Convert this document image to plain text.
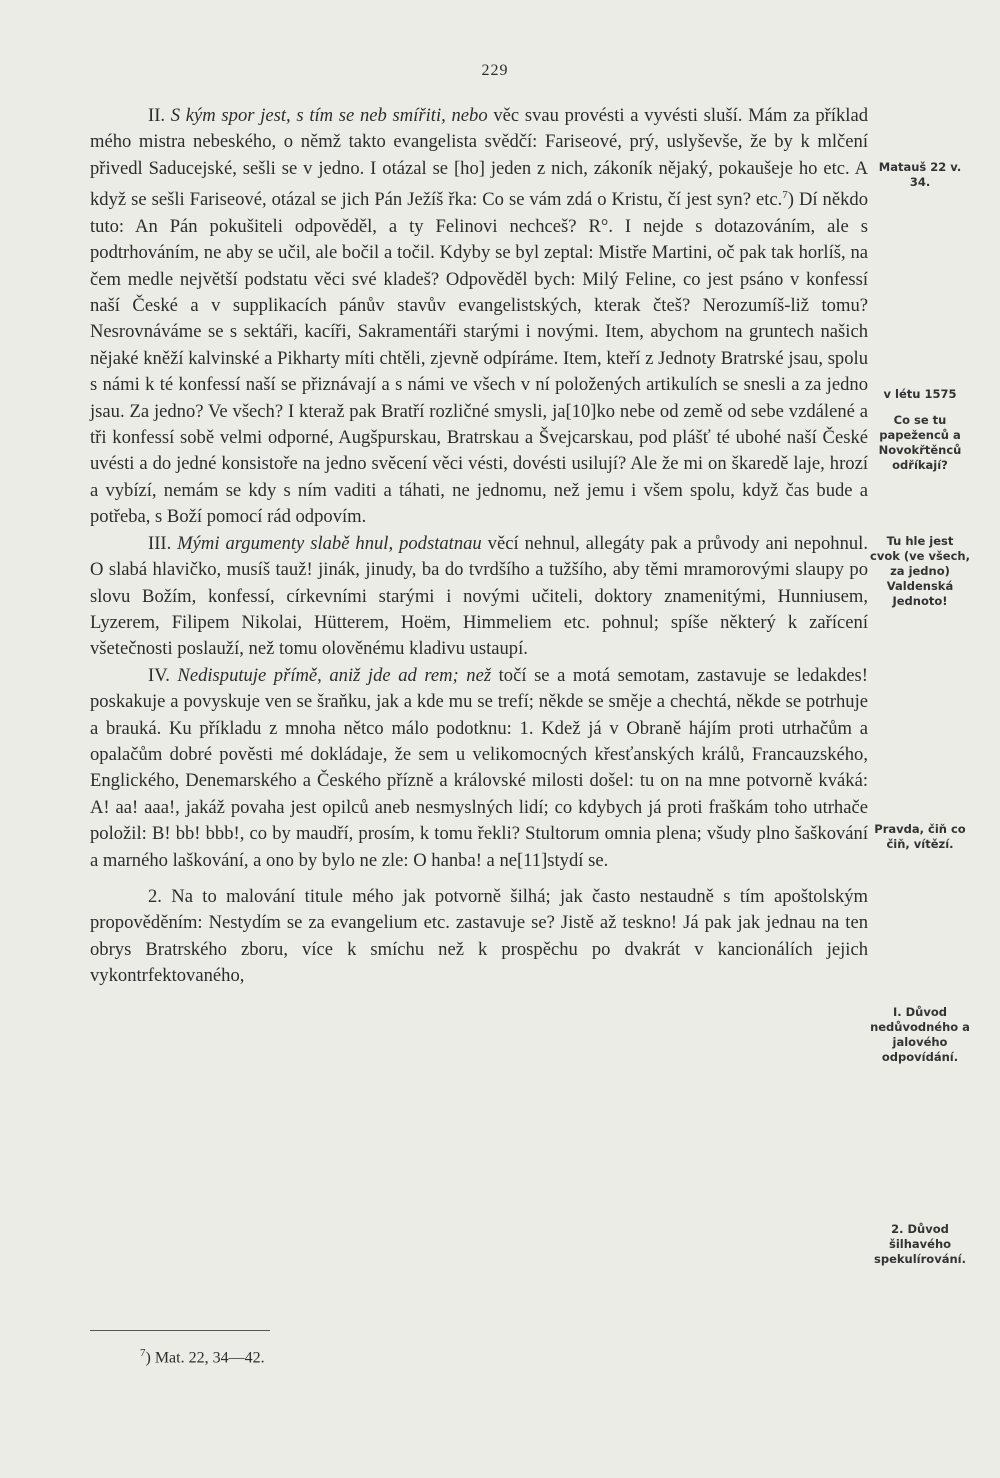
229

II. S kým spor jest, s tím se neb smířiti, nebo věc svau provésti a vyvésti sluší. Mám za příklad mého mistra nebeského, o němž takto evangelista svědčí: Fariseové, prý, uslyševše, že by k mlčení přivedl Saducejské, sešli se v jedno. I otázal se [ho] jeden z nich, zákoník nějaký, pokaušeje ho etc. A když se sešli Fariseové, otázal se jich Pán Ježíš řka: Co se vám zdá o Kristu, čí jest syn? etc.$^7$) Dí někdo tuto: An Pán pokušiteli odpověděl, a ty Felinovi nechceš? R°. I nejde s dotazováním, ale s podtrhováním, ne aby se učil, ale bočil a točil. Kdyby se byl zeptal: Mistře Martini, oč pak tak horlíš, na čem medle největší podstatu věci své kladeš? Odpověděl bych: Milý Feline, co jest psáno v konfessí naší České a v supplikacích pánův stavův evangelistských, kterak čteš? Nerozumíš-liž tomu? Nesrovnáváme se s sektáři, kacíři, Sakramentáři starými i novými. Item, abychom na gruntech našich nějaké kněží kalvinské a Pikharty míti chtěli, zjevně odpíráme. Item, kteří z Jednoty Bratrské jsau, spolu s námi k té konfessí naší se přiznávají a s námi ve všech v ní položených artikulích se snesli a za jedno jsau. Za jedno? Ve všech? I kteraž pak Bratří rozličné smysli, ja[10]ko nebe od země od sebe vzdálené a tři konfessí sobě velmi odporné, Augšpurskau, Bratrskau a Švejcarskau, pod plášť té ubohé naší České uvésti a do jedné konsistoře na jedno svěcení věci vésti, dovésti usilují? Ale že mi on škaredě laje, hrozí a vybízí, nemám se kdy s ním vaditi a táhati, ne jednomu, než jemu i všem spolu, když čas bude a potřeba, s Boží pomocí rád odpovím.

III. Mými argumenty slabě hnul, podstatnau věcí nehnul, allegáty pak a průvody ani nepohnul. O slabá hlavičko, musíš tauž! jinák, jinudy, ba do tvrdšího a tužšího, aby těmi mramorovými slaupy po slovu Božím, konfessí, církevními starými i novými učiteli, doktory znamenitými, Hunniusem, Lyzerem, Filipem Nikolai, Hütterem, Hoëm, Himmeliem etc. pohnul; spíše některý k zařícení všetečnosti poslauží, než tomu olověnému kladivu ustaupí.

IV. Nedisputuje přímě, aniž jde ad rem; než točí se a motá semotam, zastavuje se ledakdes! poskakuje a povyskuje ven se šraňku, jak a kde mu se trefí; někde se směje a chechtá, někde se potrhuje a brauká. Ku příkladu z mnoha nětco málo podotknu: 1. Kdež já v Obraně hájím proti utrhačům a opalačům dobré pověsti mé dokládaje, že sem u velikomocných křesťanských králů, Francauzského, Englického, Denemarského a Českého přízně a královské milosti došel: tu on na mne potvorně kváká: A! aa! aaa!, jakáž povaha jest opilců aneb nesmyslných lidí; co kdybych já proti fraškám toho utrhače položil: B! bb! bbb!, co by maudří, prosím, k tomu řekli? Stultorum omnia plena; všudy plno šaškování a marného laškování, a ono by bylo ne zle: O hanba! a ne[11]stydí se.

2. Na to malování titule mého jak potvorně šilhá; jak často nestaudně s tím apoštolským propověděním: Nestydím se za evangelium etc. zastavuje se? Jistě až teskno! Já pak jak jednau na ten obrys Bratrského zboru, více k smíchu než k prospěchu po dvakrát v kancionálích jejich vykontrfektovaného,

Matauš 22 v. 34.
v létu 1575
Co se tu papeženců a Novokřtěnců odříkají?
Tu hle jest cvok (ve všech, za jedno) Valdenská Jednoto!
Pravda, čiň co čiň, vítězí.
I. Důvod nedůvodného a jalového odpovídání.
2. Důvod šilhavého spekulírování.
$^7$) Mat. 22, 34—42.
